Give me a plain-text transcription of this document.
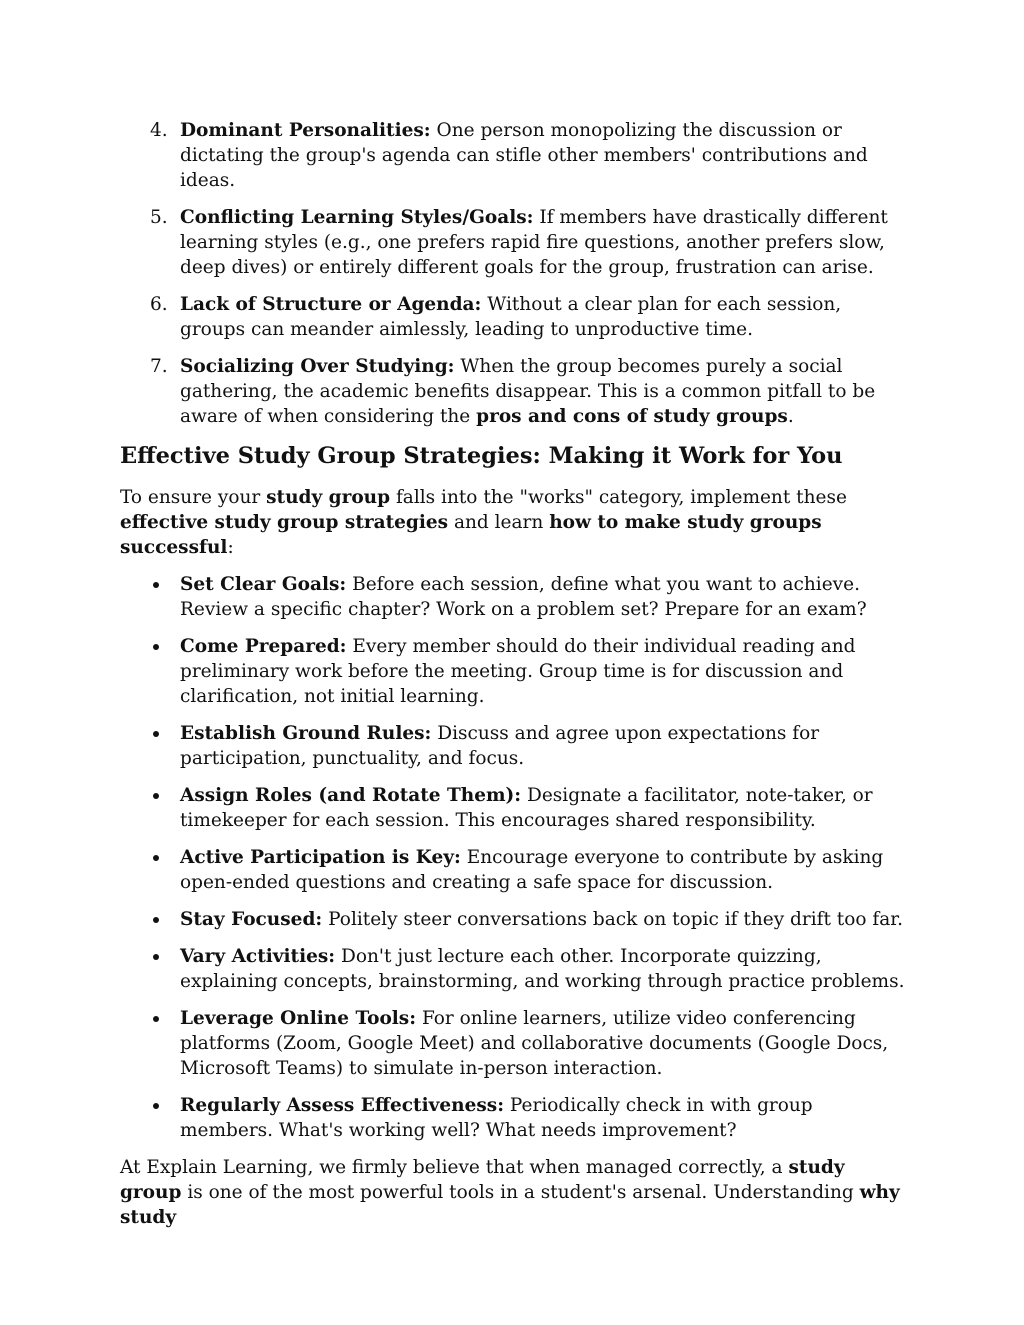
4. Dominant Personalities: One person monopolizing the discussion or dictating the group's agenda can stifle other members' contributions and ideas.
5. Conflicting Learning Styles/Goals: If members have drastically different learning styles (e.g., one prefers rapid fire questions, another prefers slow, deep dives) or entirely different goals for the group, frustration can arise.
6. Lack of Structure or Agenda: Without a clear plan for each session, groups can meander aimlessly, leading to unproductive time.
7. Socializing Over Studying: When the group becomes purely a social gathering, the academic benefits disappear. This is a common pitfall to be aware of when considering the pros and cons of study groups.
Effective Study Group Strategies: Making it Work for You

To ensure your study group falls into the "works" category, implement these effective study group strategies and learn how to make study groups successful:

Set Clear Goals: Before each session, define what you want to achieve. Review a specific chapter? Work on a problem set? Prepare for an exam?
Come Prepared: Every member should do their individual reading and preliminary work before the meeting. Group time is for discussion and clarification, not initial learning.
Establish Ground Rules: Discuss and agree upon expectations for participation, punctuality, and focus.
Assign Roles (and Rotate Them): Designate a facilitator, note-taker, or timekeeper for each session. This encourages shared responsibility.
Active Participation is Key: Encourage everyone to contribute by asking open-ended questions and creating a safe space for discussion.
Stay Focused: Politely steer conversations back on topic if they drift too far.
Vary Activities: Don't just lecture each other. Incorporate quizzing, explaining concepts, brainstorming, and working through practice problems.
Leverage Online Tools: For online learners, utilize video conferencing platforms (Zoom, Google Meet) and collaborative documents (Google Docs, Microsoft Teams) to simulate in-person interaction.
Regularly Assess Effectiveness: Periodically check in with group members. What's working well? What needs improvement?

At Explain Learning, we firmly believe that when managed correctly, a study group is one of the most powerful tools in a student's arsenal. Understanding why study
